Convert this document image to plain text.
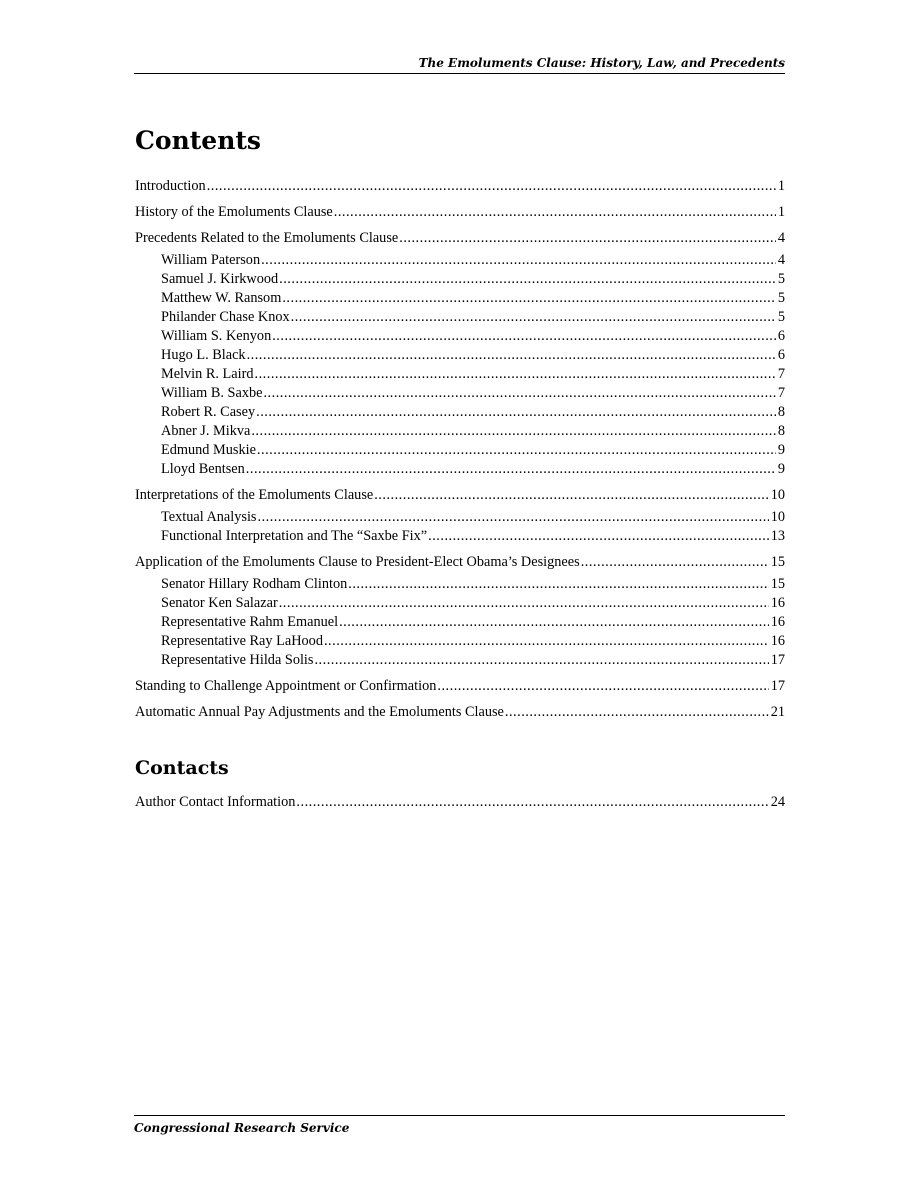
The Emoluments Clause: History, Law, and Precedents
Contents
Introduction .....	1
History of the Emoluments Clause .....	1
Precedents Related to the Emoluments Clause .....	4
William Paterson .....	4
Samuel J. Kirkwood .....	5
Matthew W. Ransom .....	5
Philander Chase Knox .....	5
William S. Kenyon .....	6
Hugo L. Black .....	6
Melvin R. Laird .....	7
William B. Saxbe .....	7
Robert R. Casey .....	8
Abner J. Mikva .....	8
Edmund Muskie .....	9
Lloyd Bentsen .....	9
Interpretations of the Emoluments Clause .....	10
Textual Analysis .....	10
Functional Interpretation and The “Saxbe Fix” .....	13
Application of the Emoluments Clause to President-Elect Obama’s Designees .....	15
Senator Hillary Rodham Clinton .....	15
Senator Ken Salazar .....	16
Representative Rahm Emanuel .....	16
Representative Ray LaHood .....	16
Representative Hilda Solis .....	17
Standing to Challenge Appointment or Confirmation .....	17
Automatic Annual Pay Adjustments and the Emoluments Clause .....	21
Contacts
Author Contact Information .....	24
Congressional Research Service
